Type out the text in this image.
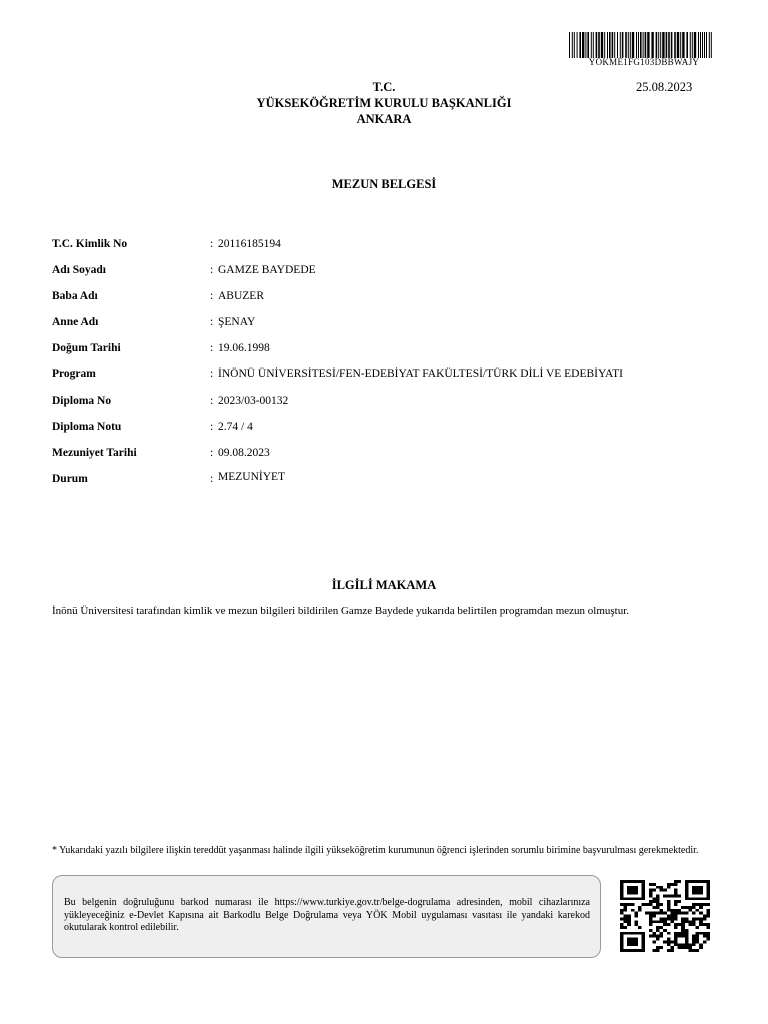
YOKME1FG103DBBWAJY
25.08.2023
T.C.
YÜKSEKÖĞRETİM KURULU BAŞKANLIĞI
ANKARA
MEZUN BELGESİ
T.C. Kimlik No	: 20116185194
Adı Soyadı	: GAMZE BAYDEDE
Baba Adı	: ABUZER
Anne Adı	: ŞENAY
Doğum Tarihi	: 19.06.1998
Program	: İNÖNÜ ÜNİVERSİTESİ/FEN-EDEBİYAT FAKÜLTESİ/TÜRK DİLİ VE EDEBİYATI
Diploma No	: 2023/03-00132
Diploma Notu	: 2.74 / 4
Mezuniyet Tarihi	: 09.08.2023
Durum	: MEZUNİYET
İLGİLİ MAKAMA
İnönü Üniversitesi tarafından kimlik ve mezun bilgileri bildirilen Gamze Baydede yukarıda belirtilen programdan mezun olmuştur.
* Yukarıdaki yazılı bilgilere ilişkin tereddüt yaşanması halinde ilgili yükseköğretim kurumunun öğrenci işlerinden sorumlu birimine başvurulması gerekmektedir.
Bu belgenin doğruluğunu barkod numarası ile https://www.turkiye.gov.tr/belge-dogrulama adresinden, mobil cihazlarınıza yükleyeceğiniz e-Devlet Kapısına ait Barkodlu Belge Doğrulama veya YÖK Mobil uygulaması vasıtası ile yandaki karekod okutularak kontrol edilebilir.
